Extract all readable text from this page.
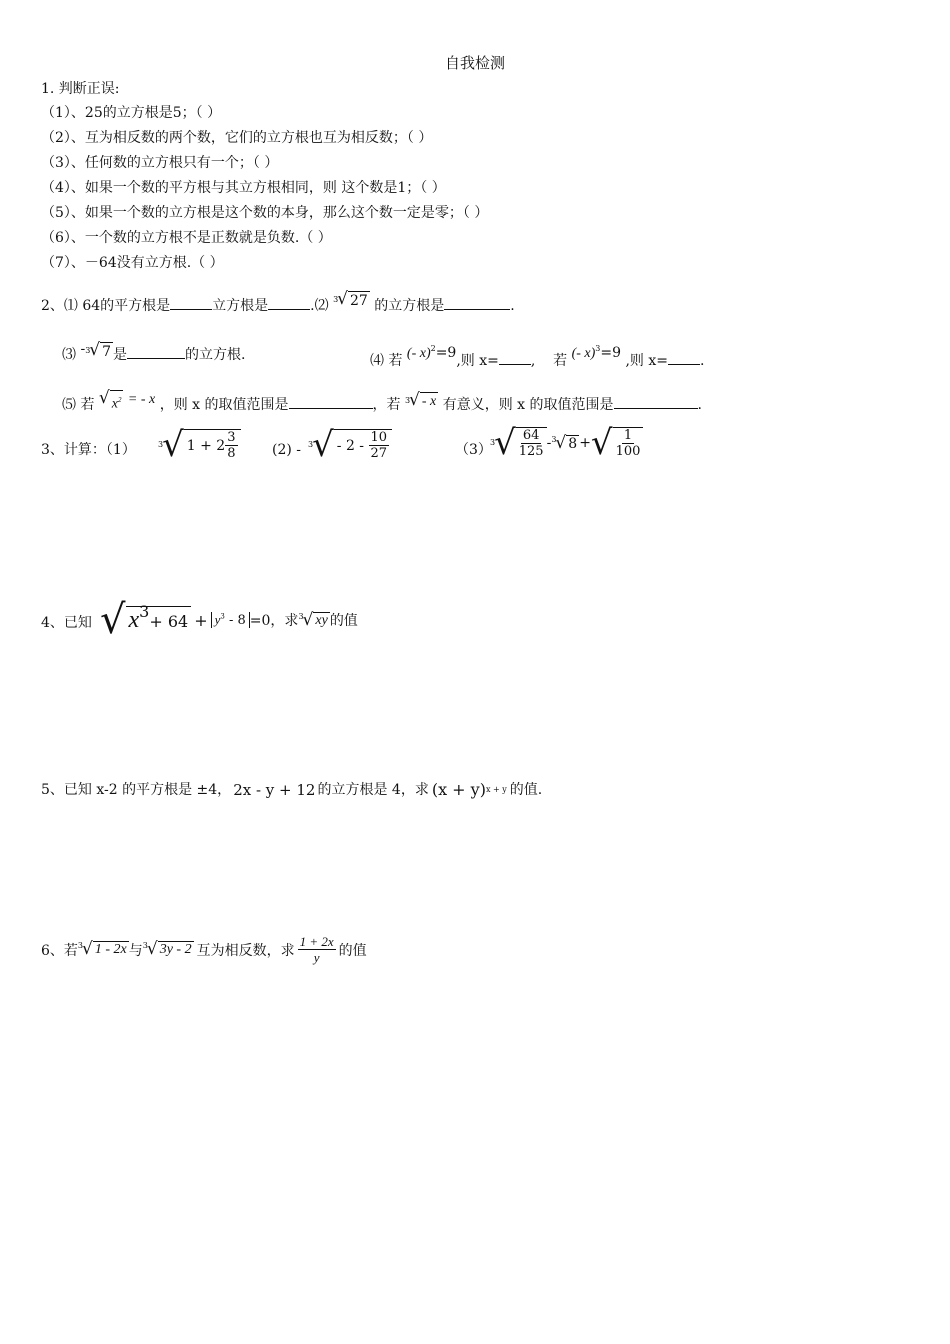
自我检测
1. 判断正误:
（1）、25的立方根是5；（ ）
（2）、互为相反数的两个数，它们的立方根也互为相反数；（ ）
（3）、任何数的立方根只有一个；（ ）
（4）、如果一个数的平方根与其立方根相同，则 这个数是1；（ ）
（5）、如果一个数的立方根是这个数的本身，那么这个数一定是零；（ ）
（6）、一个数的立方根不是正数就是负数.（ ）
（7）、－64没有立方根.（ ）
2、⑴ 64的平方根是	立方根是	.⑵ 3 √ 27 的立方根是	.
⑶ - 3 √ 7 是	的立方根.	⑷ 若 (- x)$^2$=9,则 x= , 若 (- x)$^3$=9 ,则 x= .
⑸ 若 √ $x^2$ = - x ，则 x 的取值范围是	，若 3 √ - x 有意义，则 x 的取值范围是	.
3、计算：（1）	3 √ $1 + 2 \frac{3}{8} (2) - 3$ √ - 2 -
$\frac{10}{27}$	（3）
3 √ $\frac{64}{125} - 3$ √ 8 + √ $\frac{1}{100}$
4、已知 √ x 3
+ $64 + y^3 - 8 =0$，求 3 √ xy 的值
5、已知 x-2 的平方根是 ±4， 2x - y + 12 的立方根是 4，求 (x + y) x + y 的值.
6、若 3 √ 1 - 2x 与 3 √ 3y - 2 互为相反数，求 $\frac{1 + 2x}{y}$ 的值
